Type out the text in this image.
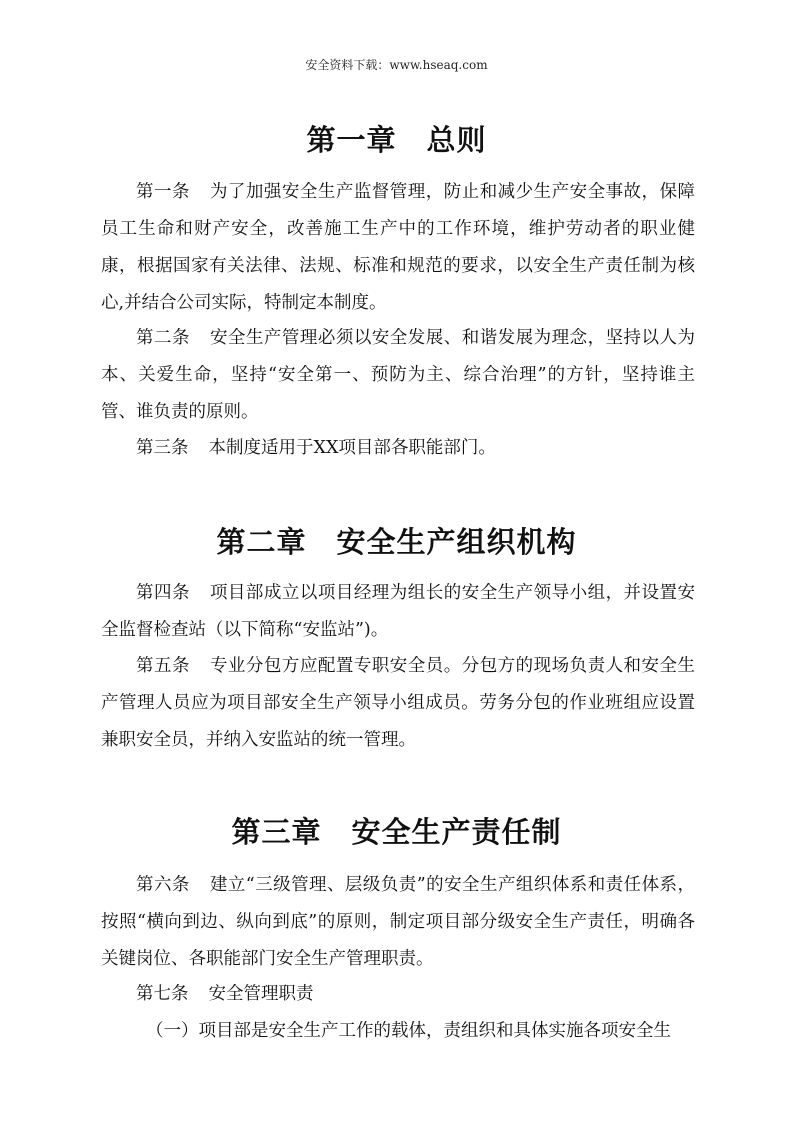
安全资料下载：www.hseaq.com
第一章 总则
第一条 为了加强安全生产监督管理，防止和减少生产安全事故，保障员工生命和财产安全，改善施工生产中的工作环境，维护劳动者的职业健康，根据国家有关法律、法规、标准和规范的要求，以安全生产责任制为核心,并结合公司实际，特制定本制度。
第二条 安全生产管理必须以安全发展、和谐发展为理念，坚持以人为本、关爱生命，坚持“安全第一、预防为主、综合治理”的方针，坚持谁主管、谁负责的原则。
第三条 本制度适用于XX项目部各职能部门。
第二章 安全生产组织机构
第四条 项目部成立以项目经理为组长的安全生产领导小组，并设置安全监督检查站（以下简称“安监站”)。
第五条 专业分包方应配置专职安全员。分包方的现场负责人和安全生产管理人员应为项目部安全生产领导小组成员。劳务分包的作业班组应设置兼职安全员，并纳入安监站的统一管理。
第三章 安全生产责任制
第六条 建立“三级管理、层级负责”的安全生产组织体系和责任体系，按照“横向到边、纵向到底”的原则，制定项目部分级安全生产责任，明确各关键岗位、各职能部门安全生产管理职责。
第七条 安全管理职责
（一）项目部是安全生产工作的载体，责组织和具体实施各项安全生
